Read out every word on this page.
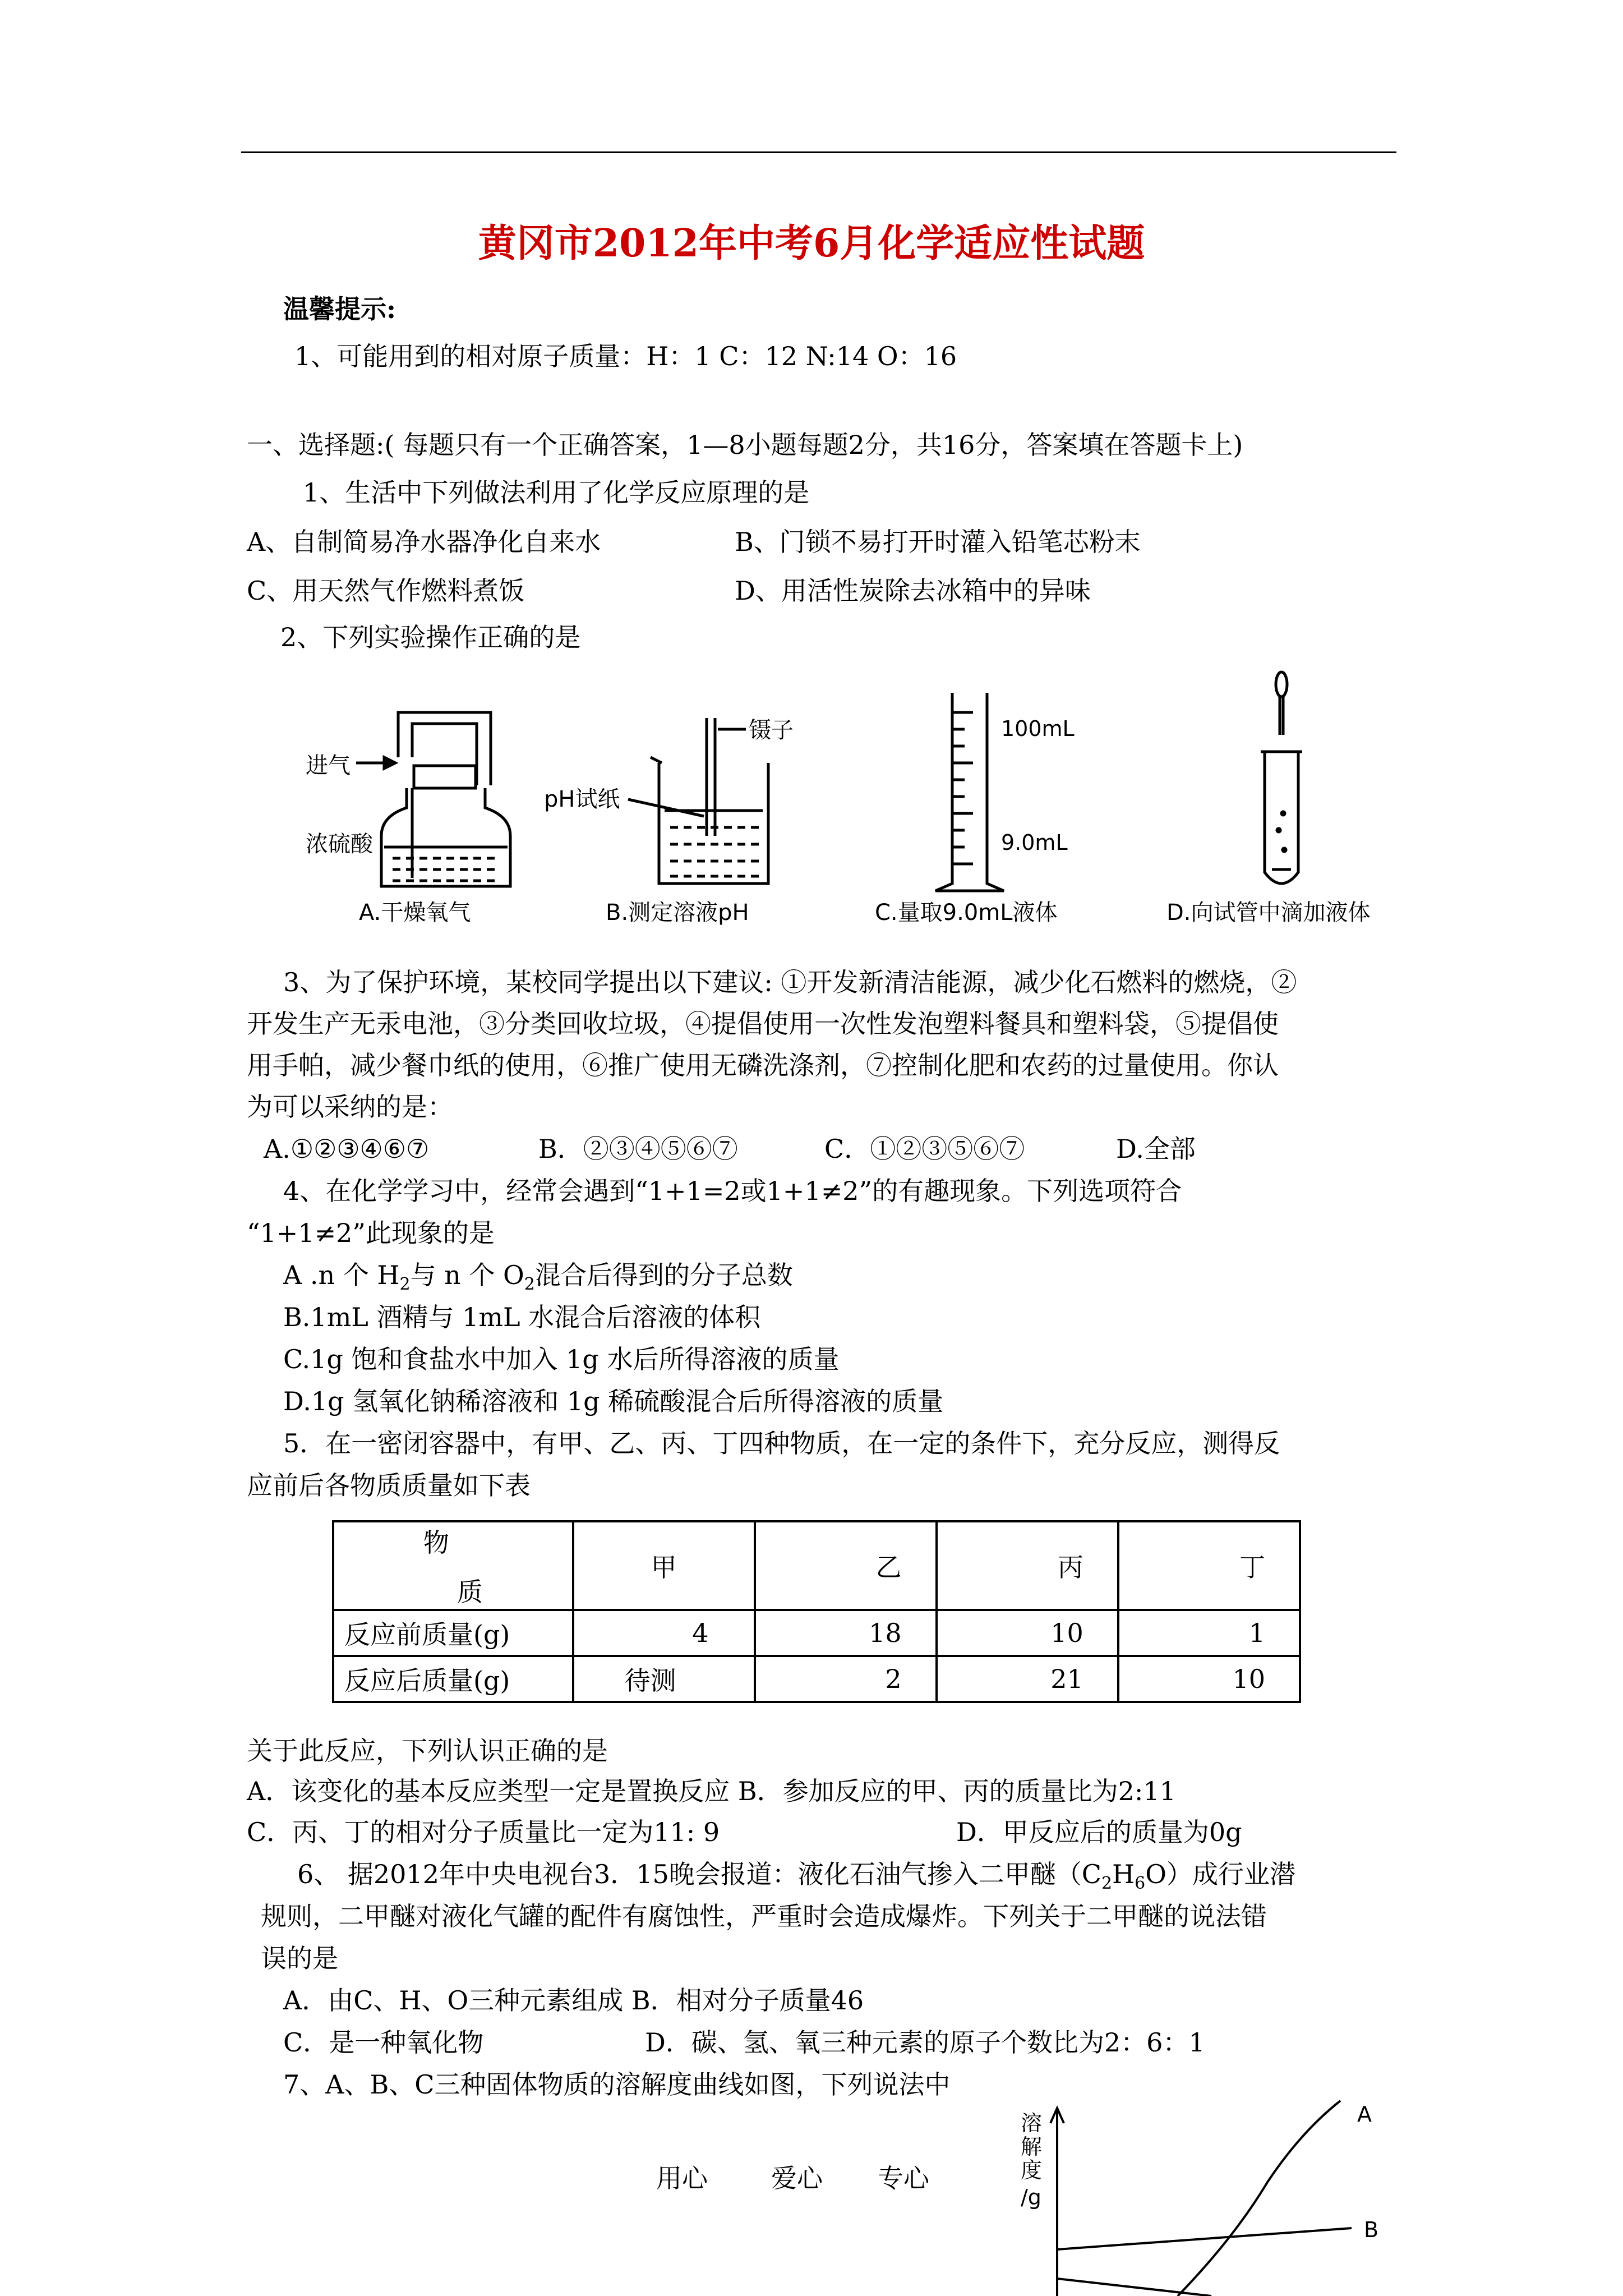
黄冈市2012年中考6月化学适应性试题
温馨提示:
1、可能用到的相对原子质量：H：1 C：12 N:14 O：16
一、选择题:( 每题只有一个正确答案，1—8小题每题2分，共16分，答案填在答题卡上)
1、生活中下列做法利用了化学反应原理的是
A、自制简易净水器净化自来水	B、门锁不易打开时灌入铅笔芯粉末
C、用天然气作燃料煮饭	D、用活性炭除去冰箱中的异味
2、下列实验操作正确的是
进气
浓硫酸
A.干燥氧气
镊子
pH试纸
B.测定溶液pH
100mL
9.0mL
C.量取9.0mL液体	D.向试管中滴加液体
3、为了保护环境，某校同学提出以下建议: ①开发新清洁能源，减少化石燃料的燃烧，②
开发生产无汞电池，③分类回收垃圾，④提倡使用一次性发泡塑料餐具和塑料袋，⑤提倡使
用手帕，减少餐巾纸的使用，⑥推广使用无磷洗涤剂，⑦控制化肥和农药的过量使用。你认
为可以采纳的是：
A.①②③④⑥⑦	B．②③④⑤⑥⑦	C．①②③⑤⑥⑦	D.全部
4、在化学学习中，经常会遇到“1+1=2或1+1≠2”的有趣现象。下列选项符合
“1+1≠2”此现象的是
A .n 个 $H_2$与 n 个 $O_2$混合后得到的分子总数
B.1mL 酒精与 1mL 水混合后溶液的体积
C.1g 饱和食盐水中加入 1g 水后所得溶液的质量
D.1g 氢氧化钠稀溶液和 1g 稀硫酸混合后所得溶液的质量
5．在一密闭容器中，有甲、乙、丙、丁四种物质，在一定的条件下，充分反应，测得反
应前后各物质质量如下表
物
质	甲	乙	丙	丁
反应前质量(g)	4	18	10	1
反应后质量(g)	待测	2	21	10
关于此反应，下列认识正确的是
A．该变化的基本反应类型一定是置换反应 B．参加反应的甲、丙的质量比为2:11
C．丙、丁的相对分子质量比一定为11: 9	D．甲反应后的质量为0g
6、 据2012年中央电视台3．15晚会报道：液化石油气掺入二甲醚$(C_2H_6O)$成行业潜
规则，二甲醚对液化气罐的配件有腐蚀性，严重时会造成爆炸。下列关于二甲醚的说法错
误的是
A．由C、H、O三种元素组成 B．相对分子质量46
C．是一种氧化物	D．碳、氢、氧三种元素的原子个数比为2：6：1
7、A、B、C三种固体物质的溶解度曲线如图，下列说法中
溶
解
度
/g
A
B
用心 爱心 专心
